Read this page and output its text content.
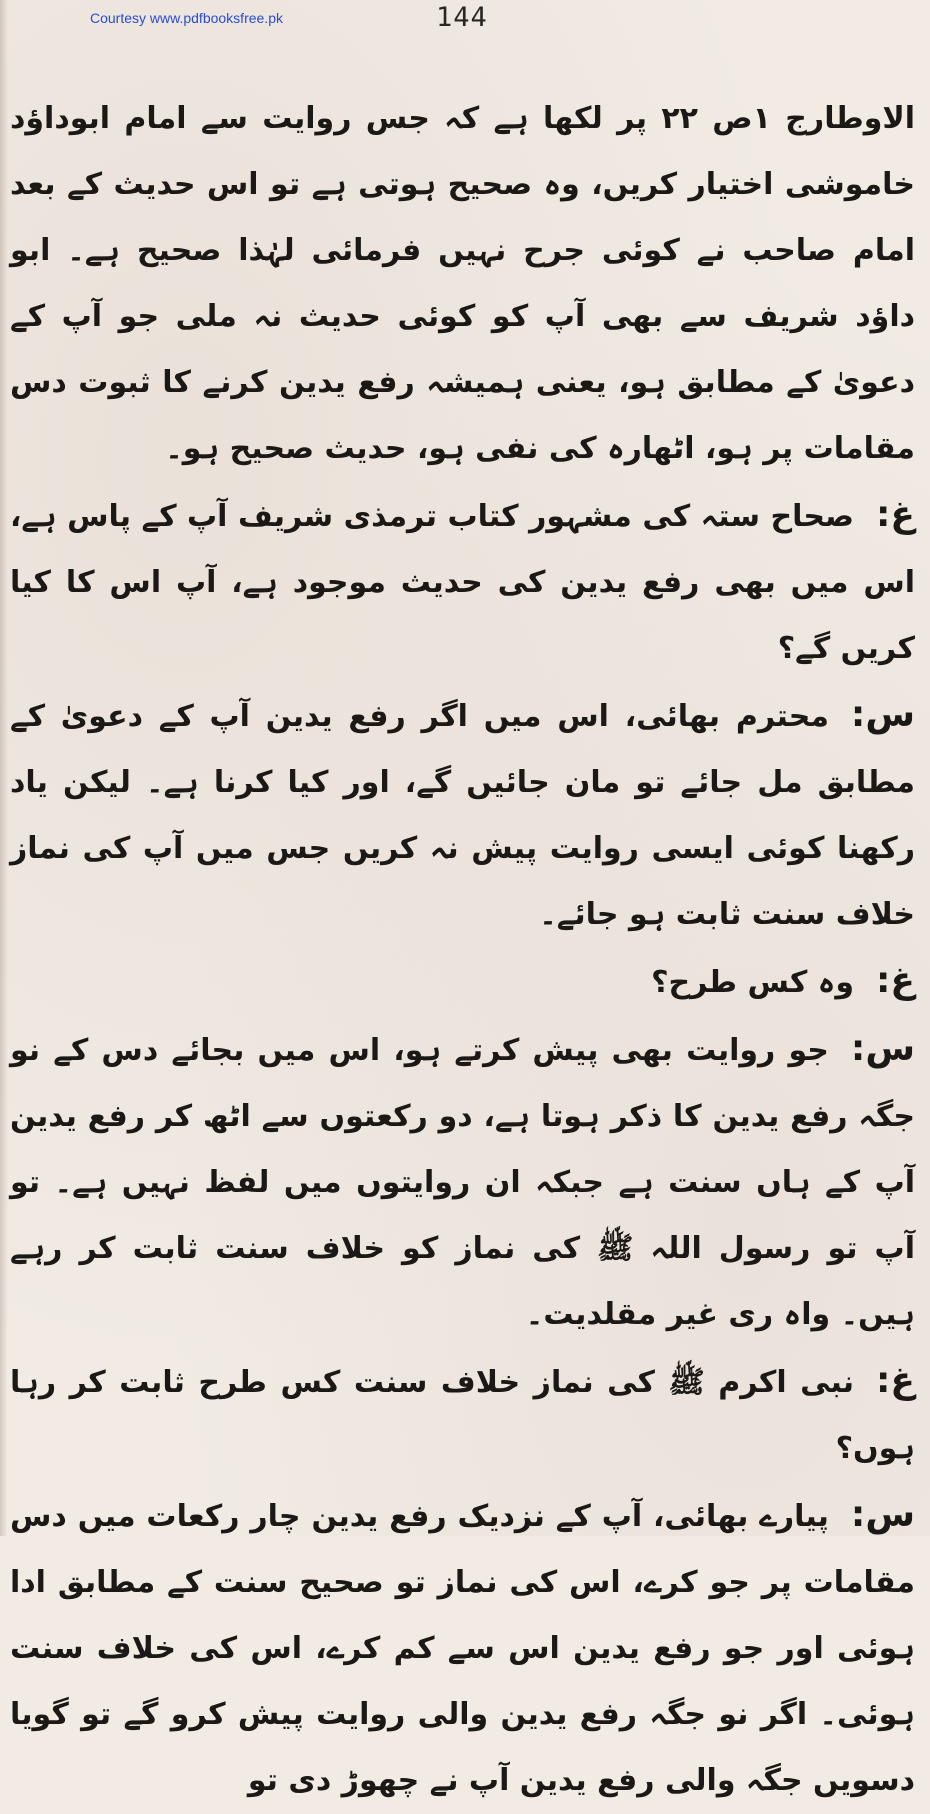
Courtesy www.pdfbooksfree.pk	144

الاوطارج ۱ص ۲۲ پر لکھا ہے کہ جس روایت سے امام ابوداؤد خاموشی اختیار کریں، وہ صحیح ہوتی ہے تو اس حدیث کے بعد امام صاحب نے کوئی جرح نہیں فرمائی لہٰذا صحیح ہے۔ ابو داؤد شریف سے بھی آپ کو کوئی حدیث نہ ملی جو آپ کے دعویٰ کے مطابق ہو، یعنی ہمیشہ رفع یدین کرنے کا ثبوت دس مقامات پر ہو، اٹھارہ کی نفی ہو، حدیث صحیح ہو۔

غ:صحاح ستہ کی مشہور کتاب ترمذی شریف آپ کے پاس ہے، اس میں بھی رفع یدین کی حدیث موجود ہے، آپ اس کا کیا کریں گے؟

س:محترم بھائی، اس میں اگر رفع یدین آپ کے دعویٰ کے مطابق مل جائے تو مان جائیں گے، اور کیا کرنا ہے۔ لیکن یاد رکھنا کوئی ایسی روایت پیش نہ کریں جس میں آپ کی نماز خلاف سنت ثابت ہو جائے۔

غ:وہ کس طرح؟

س:جو روایت بھی پیش کرتے ہو، اس میں بجائے دس کے نو جگہ رفع یدین کا ذکر ہوتا ہے، دو رکعتوں سے اٹھ کر رفع یدین آپ کے ہاں سنت ہے جبکہ ان روایتوں میں لفظ نہیں ہے۔ تو آپ تو رسول اللہ ﷺ کی نماز کو خلاف سنت ثابت کر رہے ہیں۔ واہ ری غیر مقلدیت۔

غ:نبی اکرم ﷺ کی نماز خلاف سنت کس طرح ثابت کر رہا ہوں؟

س:پیارے بھائی، آپ کے نزدیک رفع یدین چار رکعات میں دس مقامات پر جو کرے، اس کی نماز تو صحیح سنت کے مطابق ادا ہوئی اور جو رفع یدین اس سے کم کرے، اس کی خلاف سنت ہوئی۔ اگر نو جگہ رفع یدین والی روایت پیش کرو گے تو گویا دسویں جگہ والی رفع یدین آپ نے چھوڑ دی تو
